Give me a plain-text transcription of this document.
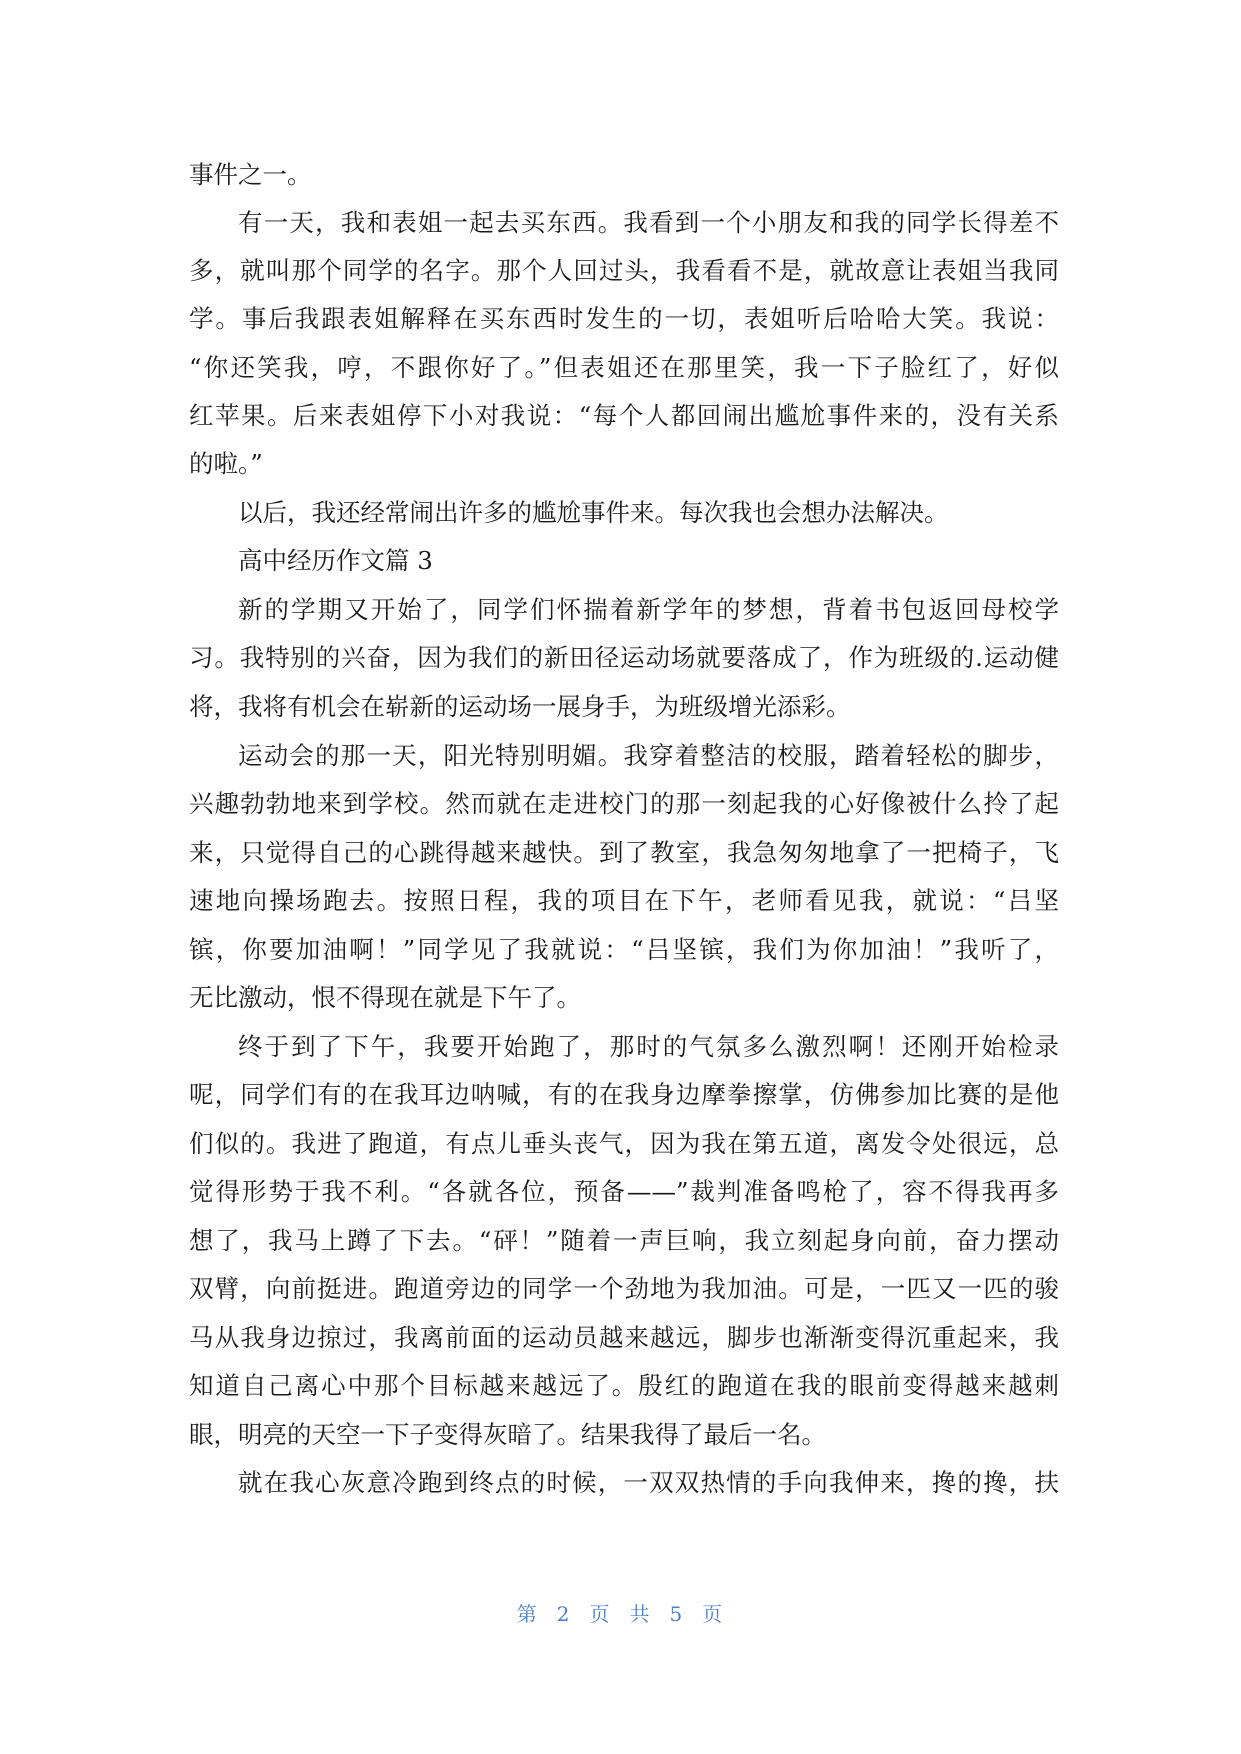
事件之一。
有一天，我和表姐一起去买东西。我看到一个小朋友和我的同学长得差不
多，就叫那个同学的名字。那个人回过头，我看看不是，就故意让表姐当我同
学。事后我跟表姐解释在买东西时发生的一切，表姐听后哈哈大笑。我说：
“你还笑我，哼，不跟你好了。”但表姐还在那里笑，我一下子脸红了，好似
红苹果。后来表姐停下小对我说：“每个人都回闹出尴尬事件来的，没有关系
的啦。”
以后，我还经常闹出许多的尴尬事件来。每次我也会想办法解决。
高中经历作文篇 3
新的学期又开始了，同学们怀揣着新学年的梦想，背着书包返回母校学
习。我特别的兴奋，因为我们的新田径运动场就要落成了，作为班级的.运动健
将，我将有机会在崭新的运动场一展身手，为班级增光添彩。
运动会的那一天，阳光特别明媚。我穿着整洁的校服，踏着轻松的脚步，
兴趣勃勃地来到学校。然而就在走进校门的那一刻起我的心好像被什么拎了起
来，只觉得自己的心跳得越来越快。到了教室，我急匆匆地拿了一把椅子，飞
速地向操场跑去。按照日程，我的项目在下午，老师看见我，就说：“吕坚
镔，你要加油啊！”同学见了我就说：“吕坚镔，我们为你加油！”我听了，
无比激动，恨不得现在就是下午了。
终于到了下午，我要开始跑了，那时的气氛多么激烈啊！还刚开始检录
呢，同学们有的在我耳边呐喊，有的在我身边摩拳擦掌，仿佛参加比赛的是他
们似的。我进了跑道，有点儿垂头丧气，因为我在第五道，离发令处很远，总
觉得形势于我不利。“各就各位，预备——”裁判准备鸣枪了，容不得我再多
想了，我马上蹲了下去。“砰！”随着一声巨响，我立刻起身向前，奋力摆动
双臂，向前挺进。跑道旁边的同学一个劲地为我加油。可是，一匹又一匹的骏
马从我身边掠过，我离前面的运动员越来越远，脚步也渐渐变得沉重起来，我
知道自己离心中那个目标越来越远了。殷红的跑道在我的眼前变得越来越刺
眼，明亮的天空一下子变得灰暗了。结果我得了最后一名。
就在我心灰意冷跑到终点的时候，一双双热情的手向我伸来，搀的搀，扶
第 2 页 共 5 页
